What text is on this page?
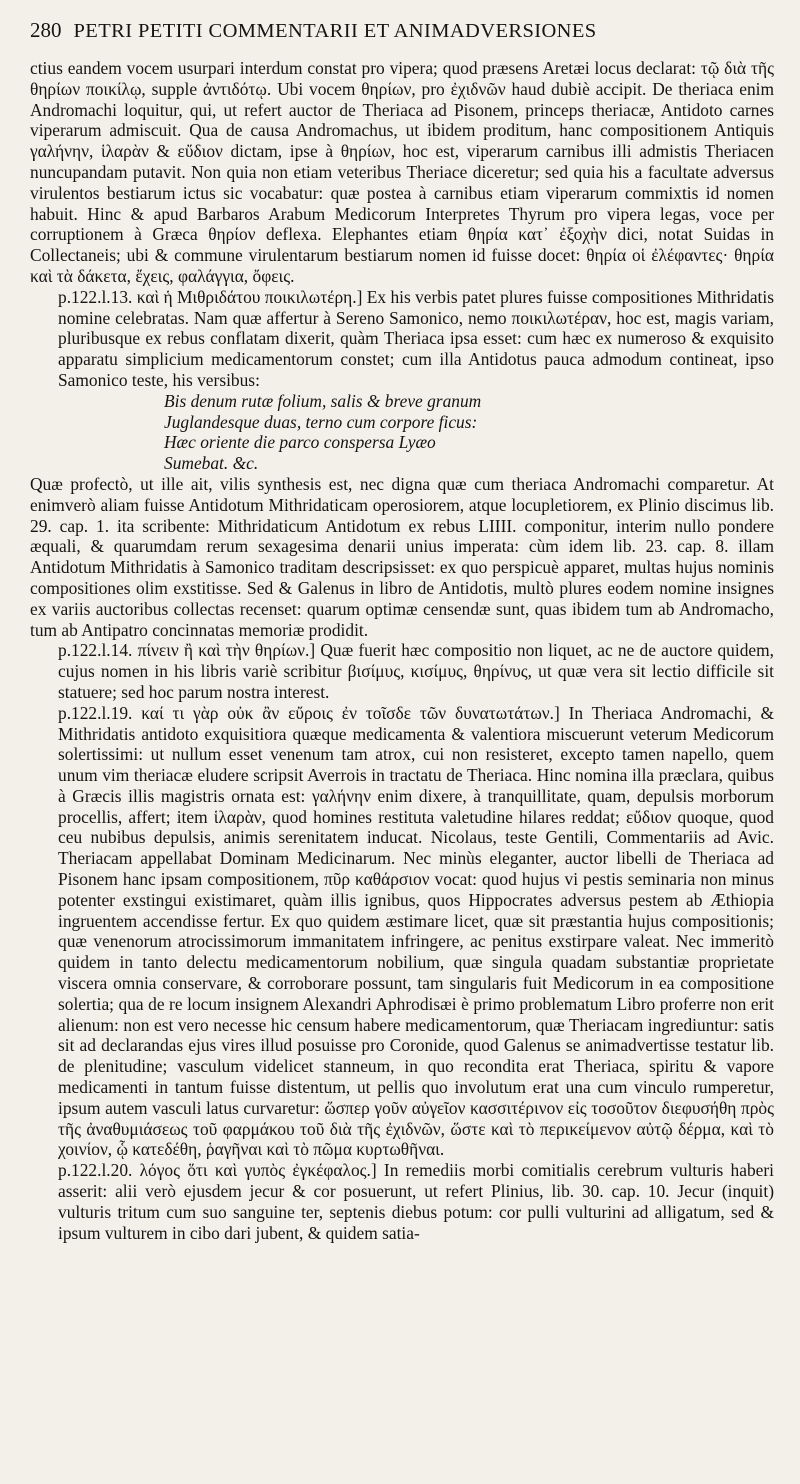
280 PETRI PETITI COMMENTARII ET ANIMADVERSIONES

ctius eandem vocem usurpari interdum constat pro vipera; quod præsens Aretæi locus declarat: τῷ διὰ τῆς θηρίων ποικίλῳ, supple ἀντιδότῳ. Ubi vocem θηρίων, pro ἐχιδνῶν haud dubiè accipit. De theriaca enim Andromachi loquitur, qui, ut refert auctor de Theriaca ad Pisonem, princeps theriacæ, Antidoto carnes viperarum admiscuit. Qua de causa Andromachus, ut ibidem proditum, hanc compositionem Antiquis γαλήνην, ἱλαρὰν & εὔδιον dictam, ipse à θηρίων, hoc est, viperarum carnibus illi admistis Theriacen nuncupandam putavit. Non quia non etiam veteribus Theriace diceretur; sed quia his a facultate adversus virulentos bestiarum ictus sic vocabatur: quæ postea à carnibus etiam viperarum commixtis id nomen habuit. Hinc & apud Barbaros Arabum Medicorum Interpretes Thyrum pro vipera legas, voce per corruptionem à Græca θηρίον deflexa. Elephantes etiam θηρία κατ᾽ ἐξοχὴν dici, notat Suidas in Collectaneis; ubi & commune virulentarum bestiarum nomen id fuisse docet: θηρία οἱ ἐλέφαντες· θηρία καὶ τὰ δάκετα, ἔχεις, φαλάγγια, ὄφεις.

p.122.l.13. καὶ ἡ Μιθριδάτου ποικιλωτέρη.] Ex his verbis patet plures fuisse compositiones Mithridatis nomine celebratas. Nam quæ affertur à Sereno Samonico, nemo ποικιλωτέραν, hoc est, magis variam, pluribusque ex rebus conflatam dixerit, quàm Theriaca ipsa esset: cum hæc ex numeroso & exquisito apparatu simplicium medicamentorum constet; cum illa Antidotus pauca admodum contineat, ipso Samonico teste, his versibus:

Bis denum rutæ folium, salis & breve granum
Juglandesque duas, terno cum corpore ficus:
Hæc oriente die parco conspersa Lyæo
Sumebat. &c.

Quæ profectò, ut ille ait, vilis synthesis est, nec digna quæ cum theriaca Andromachi comparetur. At enimverò aliam fuisse Antidotum Mithridaticam operosiorem, atque locupletiorem, ex Plinio discimus lib. 29. cap. 1. ita scribente: Mithridaticum Antidotum ex rebus LIIII. componitur, interim nullo pondere æquali, & quarumdam rerum sexagesima denarii unius imperata: cùm idem lib. 23. cap. 8. illam Antidotum Mithridatis à Samonico traditam descripsisset: ex quo perspicuè apparet, multas hujus nominis compositiones olim exstitisse. Sed & Galenus in libro de Antidotis, multò plures eodem nomine insignes ex variis auctoribus collectas recenset: quarum optimæ censendæ sunt, quas ibidem tum ab Andromacho, tum ab Antipatro concinnatas memoriæ prodidit.

p.122.l.14. πίνειν ἢ καὶ τὴν θηρίων.] Quæ fuerit hæc compositio non liquet, ac ne de auctore quidem, cujus nomen in his libris variè scribitur βισίμυς, κισίμυς, θηρίνυς, ut quæ vera sit lectio difficile sit statuere; sed hoc parum nostra interest.

p.122.l.19. καί τι γὰρ οὐκ ἂν εὔροις ἐν τοῖσδε τῶν δυνατωτάτων.] In Theriaca Andromachi, & Mithridatis antidoto exquisitiora quæque medicamenta & valentiora miscuerunt veterum Medicorum solertissimi: ut nullum esset venenum tam atrox, cui non resisteret, excepto tamen napello, quem unum vim theriacæ eludere scripsit Averrois in tractatu de Theriaca. Hinc nomina illa præclara, quibus à Græcis illis magistris ornata est: γαλήνην enim dixere, à tranquillitate, quam, depulsis morborum procellis, affert; item ἱλαρὰν, quod homines restituta valetudine hilares reddat; εὔδιον quoque, quod ceu nubibus depulsis, animis serenitatem inducat. Nicolaus, teste Gentili, Commentariis ad Avic. Theriacam appellabat Dominam Medicinarum. Nec minùs eleganter, auctor libelli de Theriaca ad Pisonem hanc ipsam compositionem, πῦρ καθάρσιον vocat: quod hujus vi pestis seminaria non minus potenter exstingui existimaret, quàm illis ignibus, quos Hippocrates adversus pestem ab Æthiopia ingruentem accendisse fertur. Ex quo quidem æstimare licet, quæ sit præstantia hujus compositionis; quæ venenorum atrocissimorum immanitatem infringere, ac penitus exstirpare valeat. Nec immeritò quidem in tanto delectu medicamentorum nobilium, quæ singula quadam substantiæ proprietate viscera omnia conservare, & corroborare possunt, tam singularis fuit Medicorum in ea compositione solertia; qua de re locum insignem Alexandri Aphrodisæi è primo problematum Libro proferre non erit alienum: non est vero necesse hic censum habere medicamentorum, quæ Theriacam ingrediuntur: satis sit ad declarandas ejus vires illud posuisse pro Coronide, quod Galenus se animadvertisse testatur lib. de plenitudine; vasculum videlicet stanneum, in quo recondita erat Theriaca, spiritu & vapore medicamenti in tantum fuisse distentum, ut pellis quo involutum erat una cum vinculo rumperetur, ipsum autem vasculi latus curvaretur: ὥσπερ γοῦν αὐγεῖον κασσιτέρινον εἰς τοσοῦτον διεφυσήθη πρὸς τῆς ἀναθυμιάσεως τοῦ φαρμάκου τοῦ διὰ τῆς ἐχιδνῶν, ὥστε καὶ τὸ περικείμενον αὐτῷ δέρμα, καὶ τὸ χοινίον, ᾧ κατεδέθη, ῥαγῆναι καὶ τὸ πῶμα κυρτωθῆναι.

p.122.l.20. λόγος ὅτι καὶ γυπὸς ἐγκέφαλος.] In remediis morbi comitialis cerebrum vulturis haberi asserit: alii verò ejusdem jecur & cor posuerunt, ut refert Plinius, lib. 30. cap. 10. Jecur (inquit) vulturis tritum cum suo sanguine ter, septenis diebus potum: cor pulli vulturini ad alligatum, sed & ipsum vulturem in cibo dari jubent, & quidem satia-
